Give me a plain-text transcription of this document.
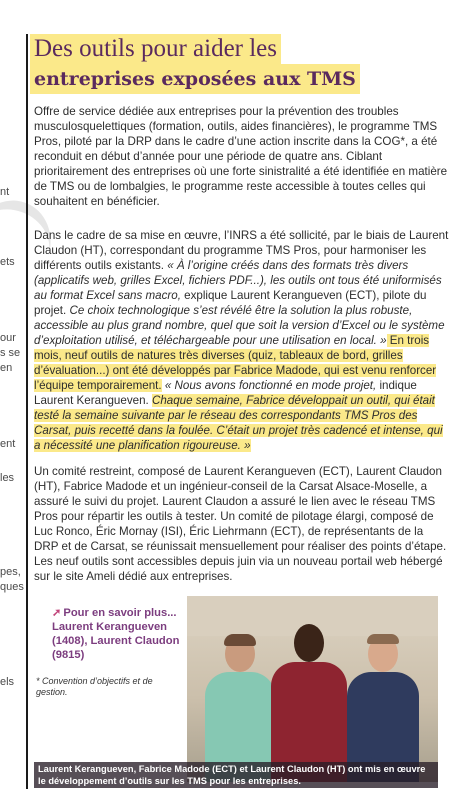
nt
ets
our
s se
en
ent
les
pes,
ques
els
Des outils pour aider les
entreprises exposées aux TMS

Offre de service dédiée aux entreprises pour la prévention des troubles musculosquelettiques (formation, outils, aides financières), le programme TMS Pros, piloté par la DRP dans le cadre d’une action inscrite dans la COG*, a été reconduit en début d’année pour une période de quatre ans. Ciblant prioritairement des entreprises où une forte sinistralité a été identifiée en matière de TMS ou de lombalgies, le programme reste accessible à toutes celles qui souhaitent en bénéficier.

Dans le cadre de sa mise en œuvre, l’INRS a été sollicité, par le biais de Laurent Claudon (HT), correspondant du programme TMS Pros, pour harmoniser les différents outils existants. « À l’origine créés dans des formats très divers (applicatifs web, grilles Excel, fichiers PDF...), les outils ont tous été uniformisés au format Excel sans macro, explique Laurent Kerangueven (ECT), pilote du projet. Ce choix technologique s’est révélé être la solution la plus robuste, accessible au plus grand nombre, quel que soit la version d’Excel ou le système d’exploitation utilisé, et téléchargeable pour une utilisation en local. » En trois mois, neuf outils de natures très diverses (quiz, tableaux de bord, grilles d’évaluation...) ont été développés par Fabrice Madode, qui est venu renforcer l’équipe temporairement. « Nous avons fonctionné en mode projet, indique Laurent Kerangueven. Chaque semaine, Fabrice développait un outil, qui était testé la semaine suivante par le réseau des correspondants TMS Pros des Carsat, puis recetté dans la foulée. C’était un projet très cadencé et intense, qui a nécessité une planification rigoureuse. »

Un comité restreint, composé de Laurent Kerangueven (ECT), Laurent Claudon (HT), Fabrice Madode et un ingénieur-conseil de la Carsat Alsace-Moselle, a assuré le suivi du projet. Laurent Claudon a assuré le lien avec le réseau TMS Pros pour répartir les outils à tester. Un comité de pilotage élargi, composé de Luc Ronco, Éric Mornay (ISI), Éric Liehrmann (ECT), de représentants de la DRP et de Carsat, se réunissait mensuellement pour réaliser des points d’étape. Les neuf outils sont accessibles depuis juin via un nouveau portail web hébergé sur le site Ameli dédié aux entreprises.

➚ Pour en savoir plus... Laurent Kerangueven (1408), Laurent Claudon (9815)

* Convention d’objectifs et de gestion.

Laurent Kerangueven, Fabrice Madode (ECT) et Laurent Claudon (HT) ont mis en œuvre le développement d’outils sur les TMS pour les entreprises.
